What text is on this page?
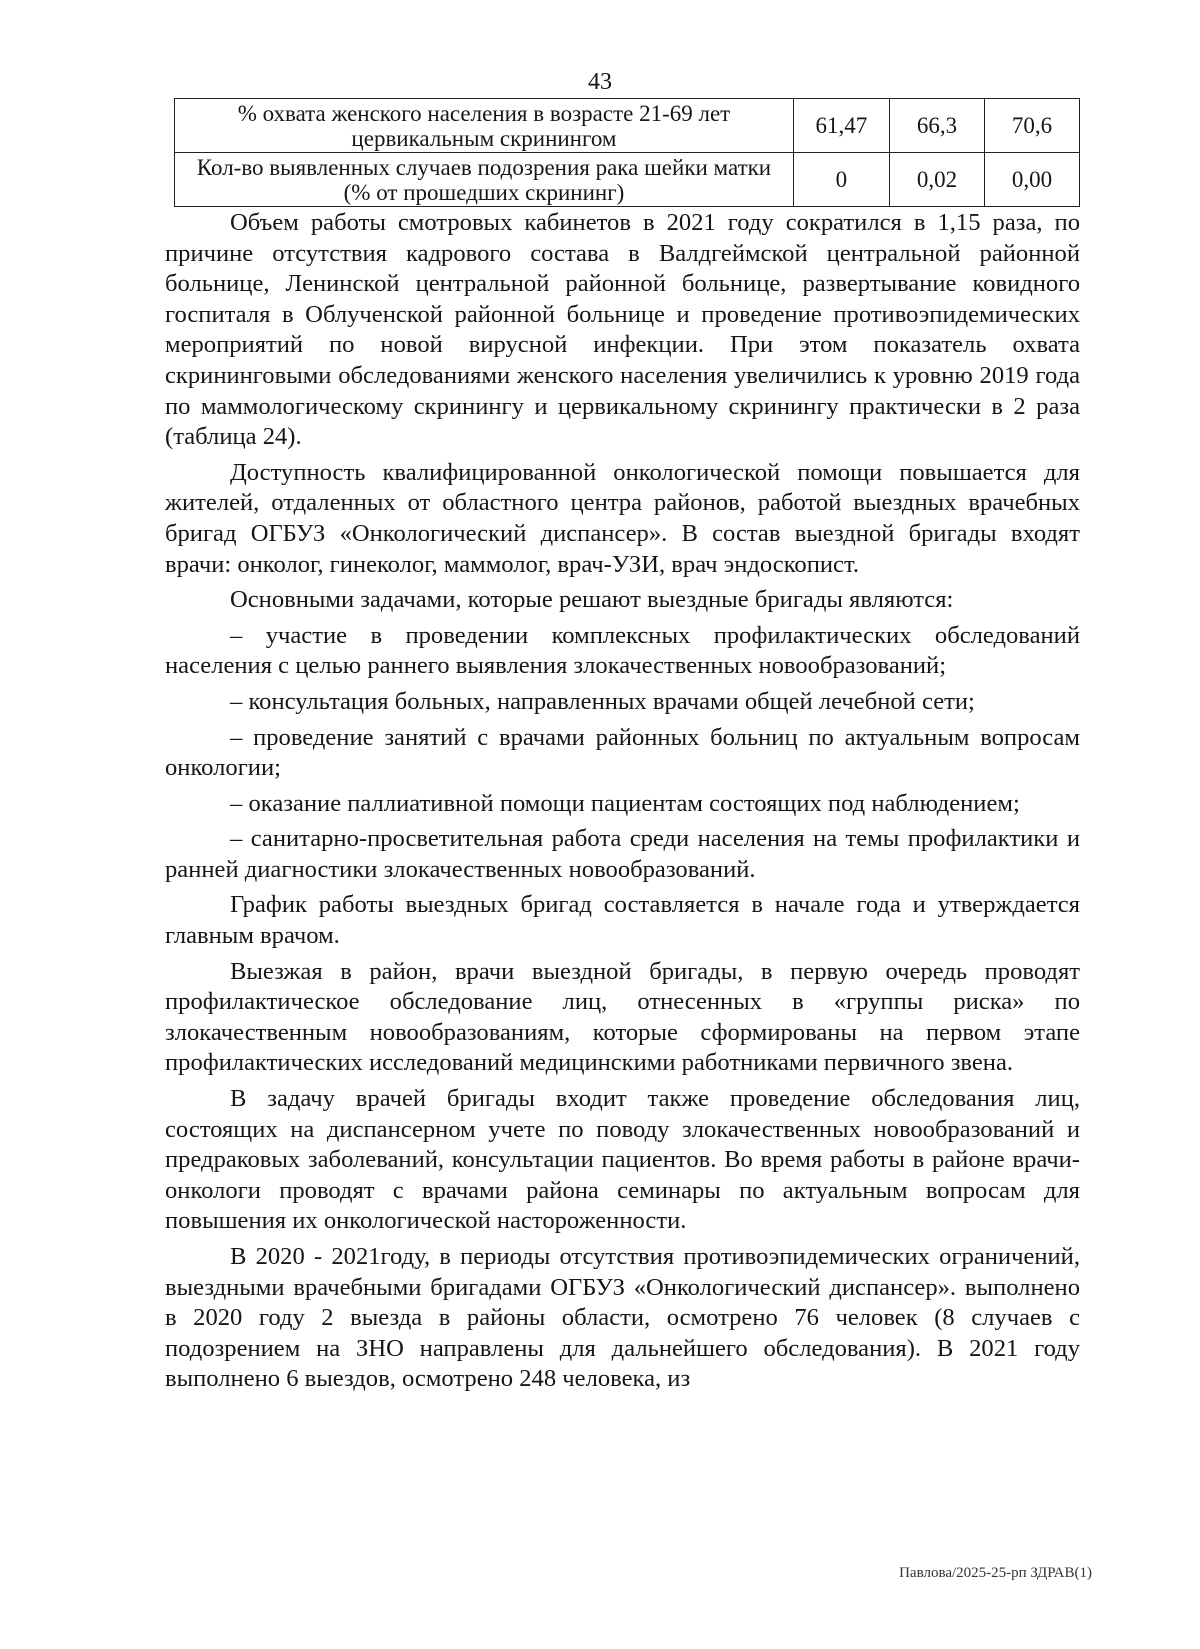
43
% охвата женского населения в возрасте 21-69 лет цервикальным скринингом	61,47	66,3	70,6
Кол-во выявленных случаев подозрения рака шейки матки (% от прошедших скрининг)	0	0,02	0,00

Объем работы смотровых кабинетов в 2021 году сократился в 1,15 раза, по причине отсутствия кадрового состава в Валдгеймской центральной районной больнице, Ленинской центральной районной больнице, развертывание ковидного госпиталя в Облученской районной больнице и проведение противоэпидемических мероприятий по новой вирусной инфекции. При этом показатель охвата скрининговыми обследованиями женского населения увеличились к уровню 2019 года по маммологическому скринингу и цервикальному скринингу практически в 2 раза (таблица 24).

Доступность квалифицированной онкологической помощи повышается для жителей, отдаленных от областного центра районов, работой выездных врачебных бригад ОГБУЗ «Онкологический диспансер». В состав выездной бригады входят врачи: онколог, гинеколог, маммолог, врач-УЗИ, врач эндоскопист.

Основными задачами, которые решают выездные бригады являются:

– участие в проведении комплексных профилактических обследований населения с целью раннего выявления злокачественных новообразований;

– консультация больных, направленных врачами общей лечебной сети;

– проведение занятий с врачами районных больниц по актуальным вопросам онкологии;

– оказание паллиативной помощи пациентам состоящих под наблюдением;

– санитарно-просветительная работа среди населения на темы профилактики и ранней диагностики злокачественных новообразований.

График работы выездных бригад составляется в начале года и утверждается главным врачом.

Выезжая в район, врачи выездной бригады, в первую очередь проводят профилактическое обследование лиц, отнесенных в «группы риска» по злокачественным новообразованиям, которые сформированы на первом этапе профилактических исследований медицинскими работниками первичного звена.

В задачу врачей бригады входит также проведение обследования лиц, состоящих на диспансерном учете по поводу злокачественных новообразований и предраковых заболеваний, консультации пациентов. Во время работы в районе врачи-онкологи проводят с врачами района семинары по актуальным вопросам для повышения их онкологической настороженности.

В 2020 - 2021году, в периоды отсутствия противоэпидемических ограничений, выездными врачебными бригадами ОГБУЗ «Онкологический диспансер». выполнено в 2020 году 2 выезда в районы области, осмотрено 76 человек (8 случаев с подозрением на ЗНО направлены для дальнейшего обследования). В 2021 году выполнено 6 выездов, осмотрено 248 человека, из

Павлова/2025-25-рп ЗДРАВ(1)
